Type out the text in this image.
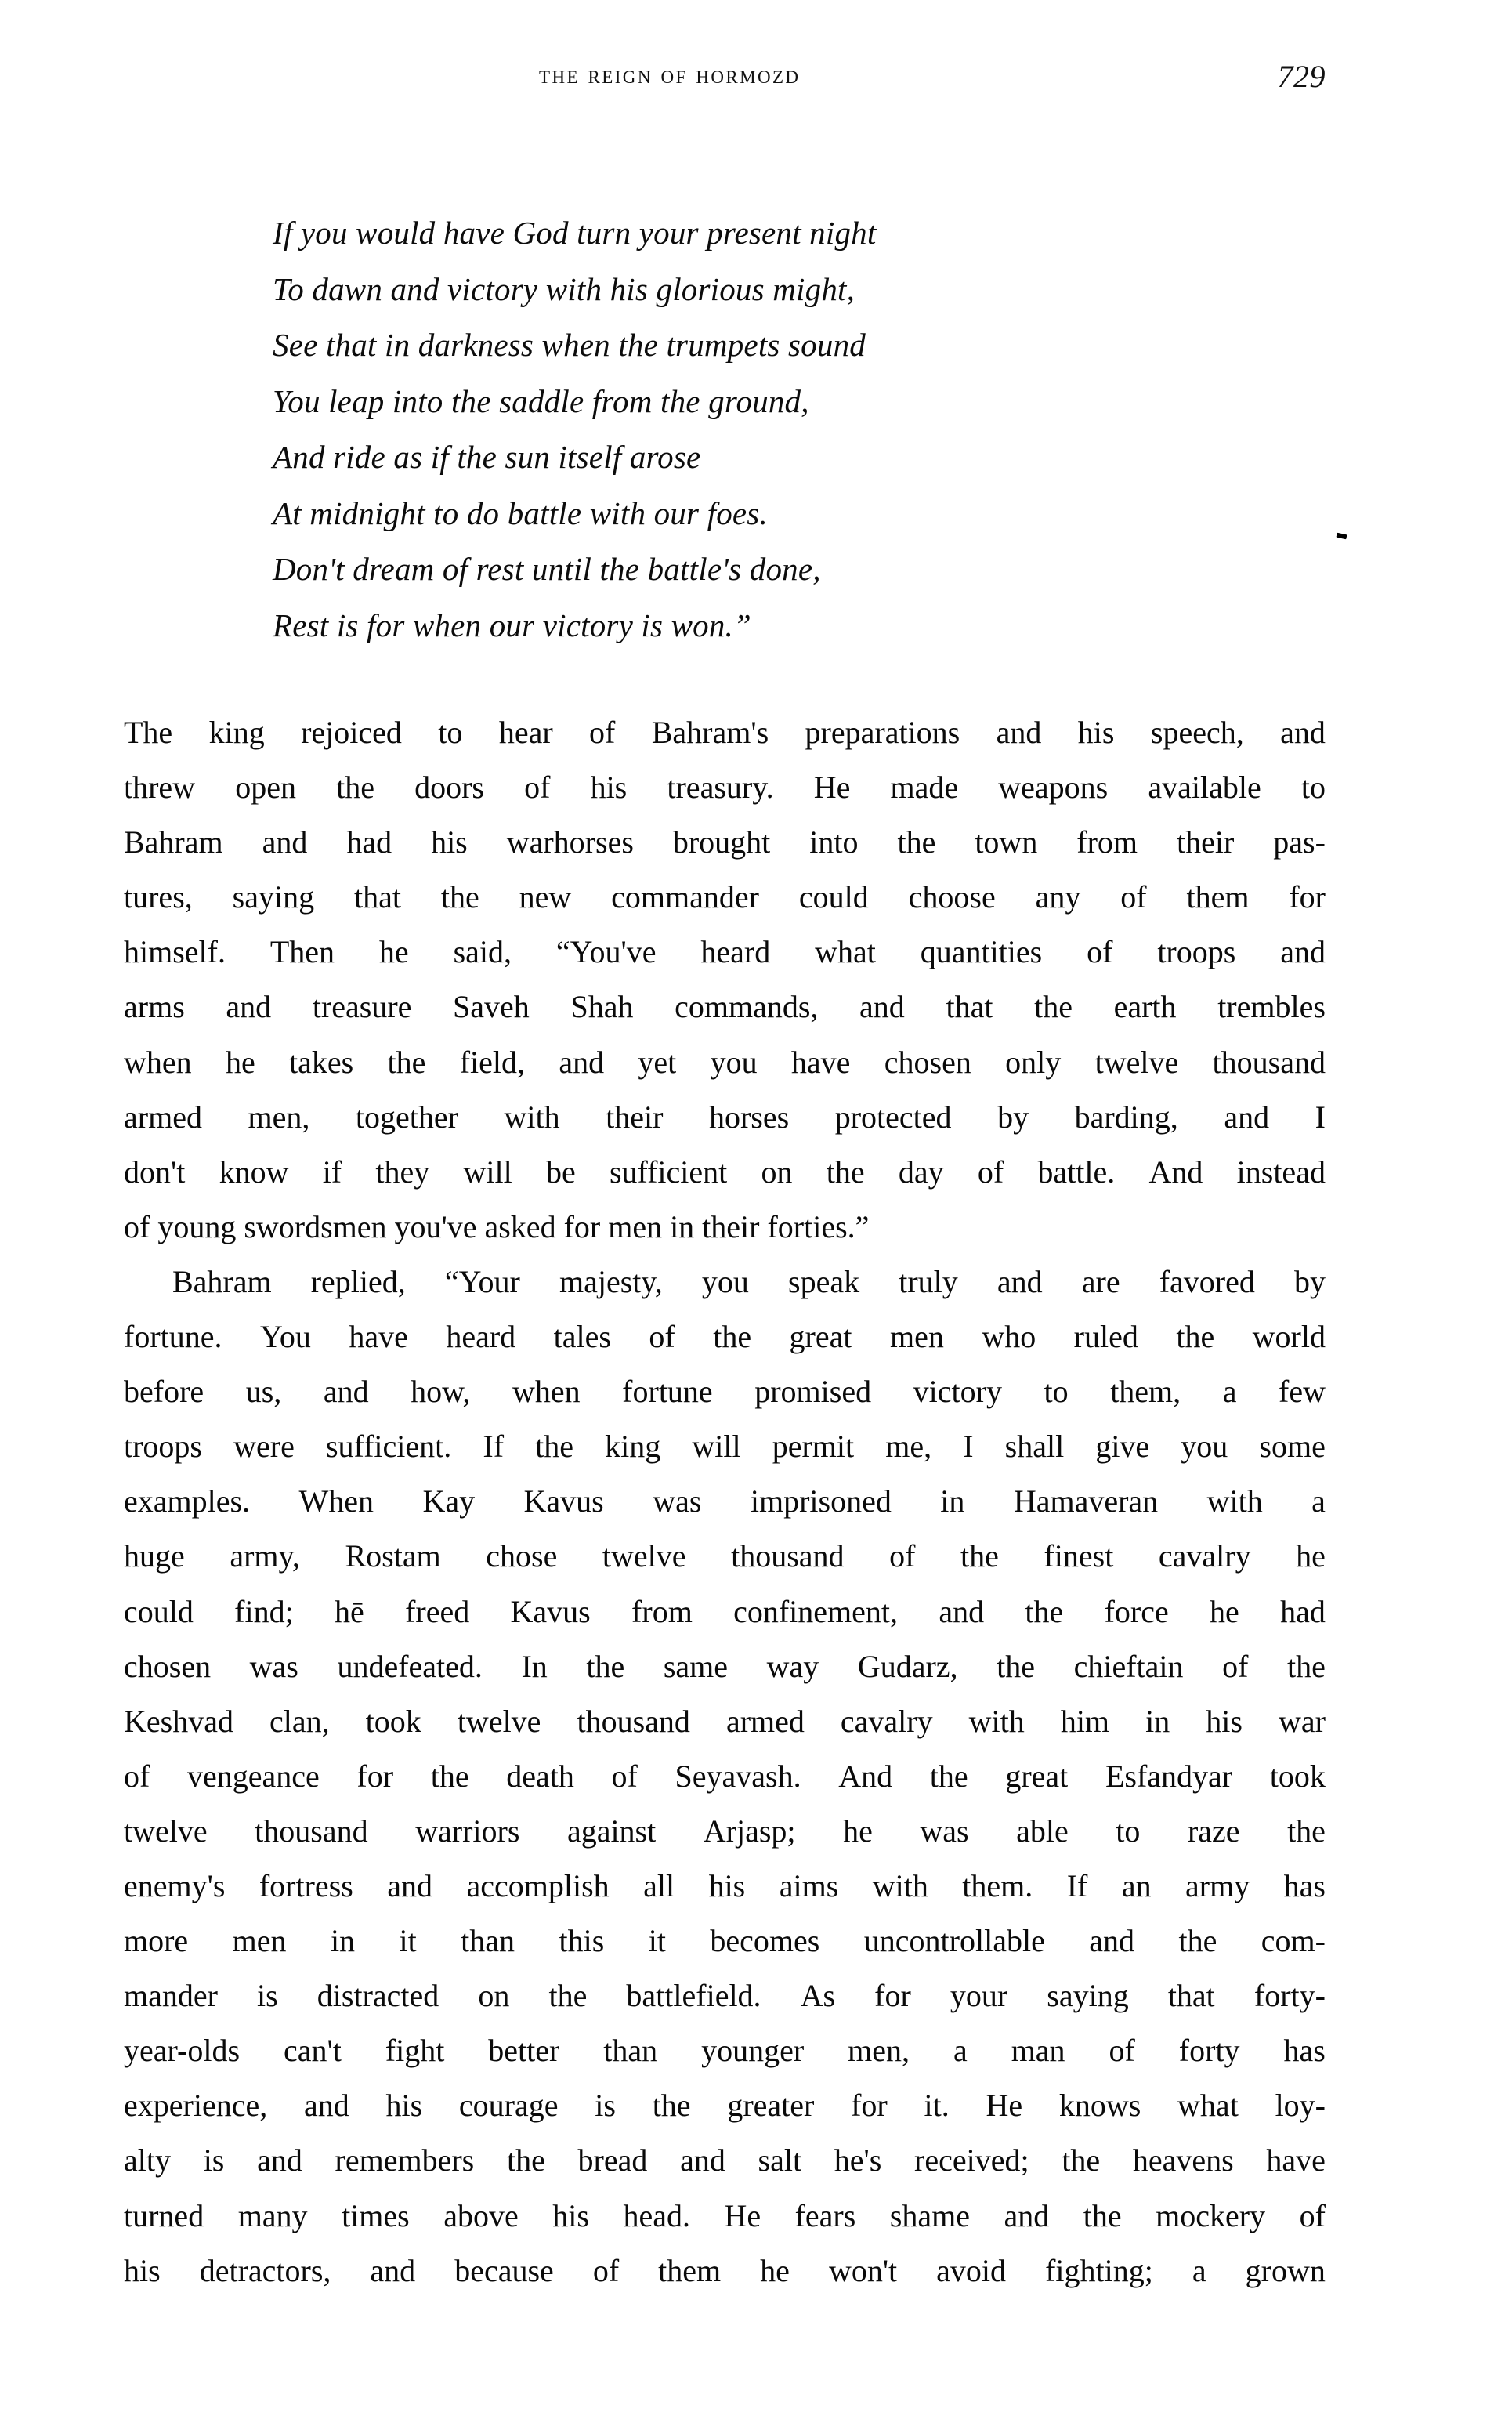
the reign of hormozd	729
If you would have God turn your present night
To dawn and victory with his glorious might,
See that in darkness when the trumpets sound
You leap into the saddle from the ground,
And ride as if the sun itself arose
At midnight to do battle with our foes.
Don't dream of rest until the battle's done,
Rest is for when our victory is won.”
The king rejoiced to hear of Bahram's preparations and his speech, and
threw open the doors of his treasury. He made weapons available to
Bahram and had his warhorses brought into the town from their pas-
tures, saying that the new commander could choose any of them for
himself. Then he said, “You've heard what quantities of troops and
arms and treasure Saveh Shah commands, and that the earth trembles
when he takes the field, and yet you have chosen only twelve thousand
armed men, together with their horses protected by barding, and I
don't know if they will be sufficient on the day of battle. And instead
of young swordsmen you've asked for men in their forties.”
Bahram replied, “Your majesty, you speak truly and are favored by
fortune. You have heard tales of the great men who ruled the world
before us, and how, when fortune promised victory to them, a few
troops were sufficient. If the king will permit me, I shall give you some
examples. When Kay Kavus was imprisoned in Hamaveran with a
huge army, Rostam chose twelve thousand of the finest cavalry he
could find; hē freed Kavus from confinement, and the force he had
chosen was undefeated. In the same way Gudarz, the chieftain of the
Keshvad clan, took twelve thousand armed cavalry with him in his war
of vengeance for the death of Seyavash. And the great Esfandyar took
twelve thousand warriors against Arjasp; he was able to raze the
enemy's fortress and accomplish all his aims with them. If an army has
more men in it than this it becomes uncontrollable and the com-
mander is distracted on the battlefield. As for your saying that forty-
year-olds can't fight better than younger men, a man of forty has
experience, and his courage is the greater for it. He knows what loy-
alty is and remembers the bread and salt he's received; the heavens have
turned many times above his head. He fears shame and the mockery of
his detractors, and because of them he won't avoid fighting; a grown
